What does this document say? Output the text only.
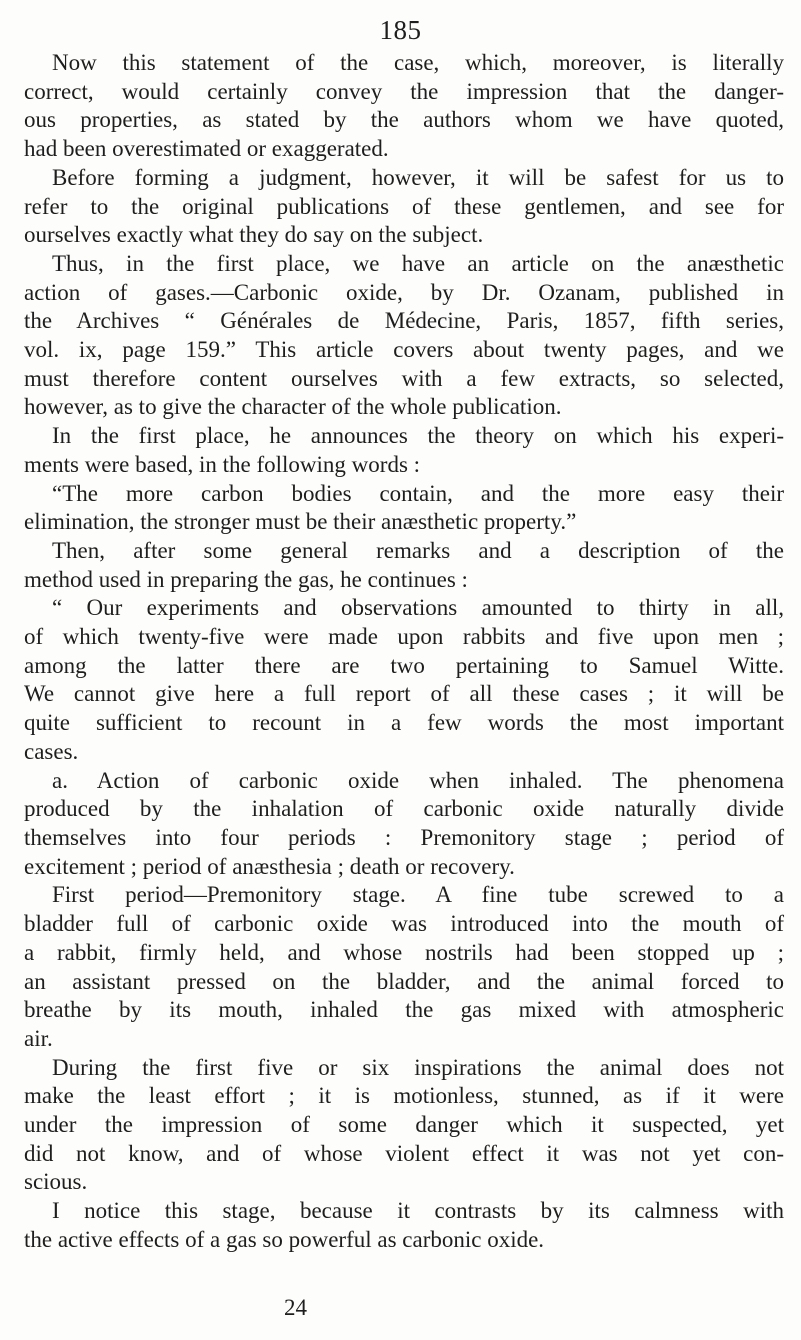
185
Now this statement of the case, which, moreover, is literally
correct, would certainly convey the impression that the danger-
ous properties, as stated by the authors whom we have quoted,
had been overestimated or exaggerated.
Before forming a judgment, however, it will be safest for us to
refer to the original publications of these gentlemen, and see for
ourselves exactly what they do say on the subject.
Thus, in the first place, we have an article on the anæsthetic
action of gases.—Carbonic oxide, by Dr. Ozanam, published in
the Archives “ Générales de Médecine, Paris, 1857, fifth series,
vol. ix, page 159.” This article covers about twenty pages, and we
must therefore content ourselves with a few extracts, so selected,
however, as to give the character of the whole publication.
In the first place, he announces the theory on which his experi-
ments were based, in the following words :
“The more carbon bodies contain, and the more easy their
elimination, the stronger must be their anæsthetic property.”
Then, after some general remarks and a description of the
method used in preparing the gas, he continues :
“ Our experiments and observations amounted to thirty in all,
of which twenty-five were made upon rabbits and five upon men ;
among the latter there are two pertaining to Samuel Witte.
We cannot give here a full report of all these cases ; it will be
quite sufficient to recount in a few words the most important
cases.
a. Action of carbonic oxide when inhaled. The phenomena
produced by the inhalation of carbonic oxide naturally divide
themselves into four periods : Premonitory stage ; period of
excitement ; period of anæsthesia ; death or recovery.
First period—Premonitory stage. A fine tube screwed to a
bladder full of carbonic oxide was introduced into the mouth of
a rabbit, firmly held, and whose nostrils had been stopped up ;
an assistant pressed on the bladder, and the animal forced to
breathe by its mouth, inhaled the gas mixed with atmospheric
air.
During the first five or six inspirations the animal does not
make the least effort ; it is motionless, stunned, as if it were
under the impression of some danger which it suspected, yet
did not know, and of whose violent effect it was not yet con-
scious.
I notice this stage, because it contrasts by its calmness with
the active effects of a gas so powerful as carbonic oxide.
24
